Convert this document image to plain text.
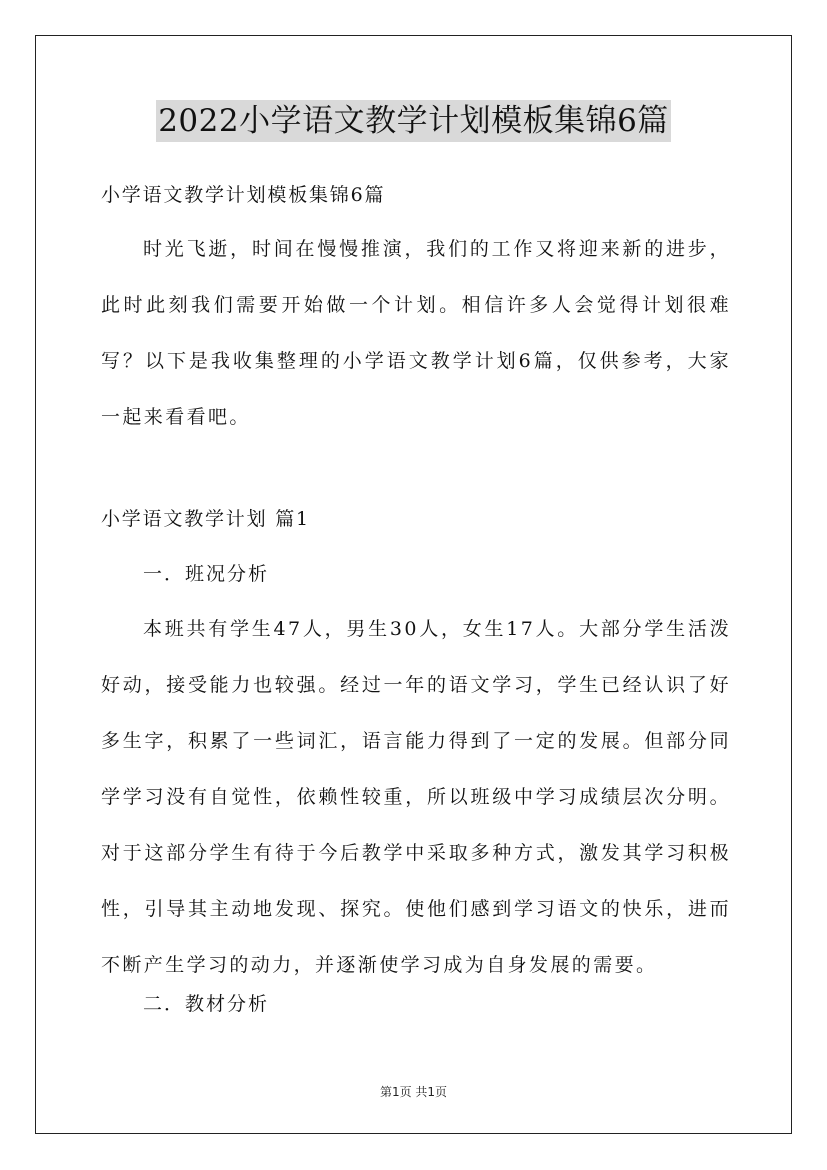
2022小学语文教学计划模板集锦6篇

小学语文教学计划模板集锦6篇

时光飞逝，时间在慢慢推演，我们的工作又将迎来新的进步，此时此刻我们需要开始做一个计划。相信许多人会觉得计划很难写？以下是我收集整理的小学语文教学计划6篇，仅供参考，大家一起来看看吧。

小学语文教学计划 篇1

一．班况分析

本班共有学生47人，男生30人，女生17人。大部分学生活泼好动，接受能力也较强。经过一年的语文学习，学生已经认识了好多生字，积累了一些词汇，语言能力得到了一定的发展。但部分同学学习没有自觉性，依赖性较重，所以班级中学习成绩层次分明。对于这部分学生有待于今后教学中采取多种方式，激发其学习积极性，引导其主动地发现、探究。使他们感到学习语文的快乐，进而不断产生学习的动力，并逐渐使学习成为自身发展的需要。

二．教材分析

第1页 共1页
